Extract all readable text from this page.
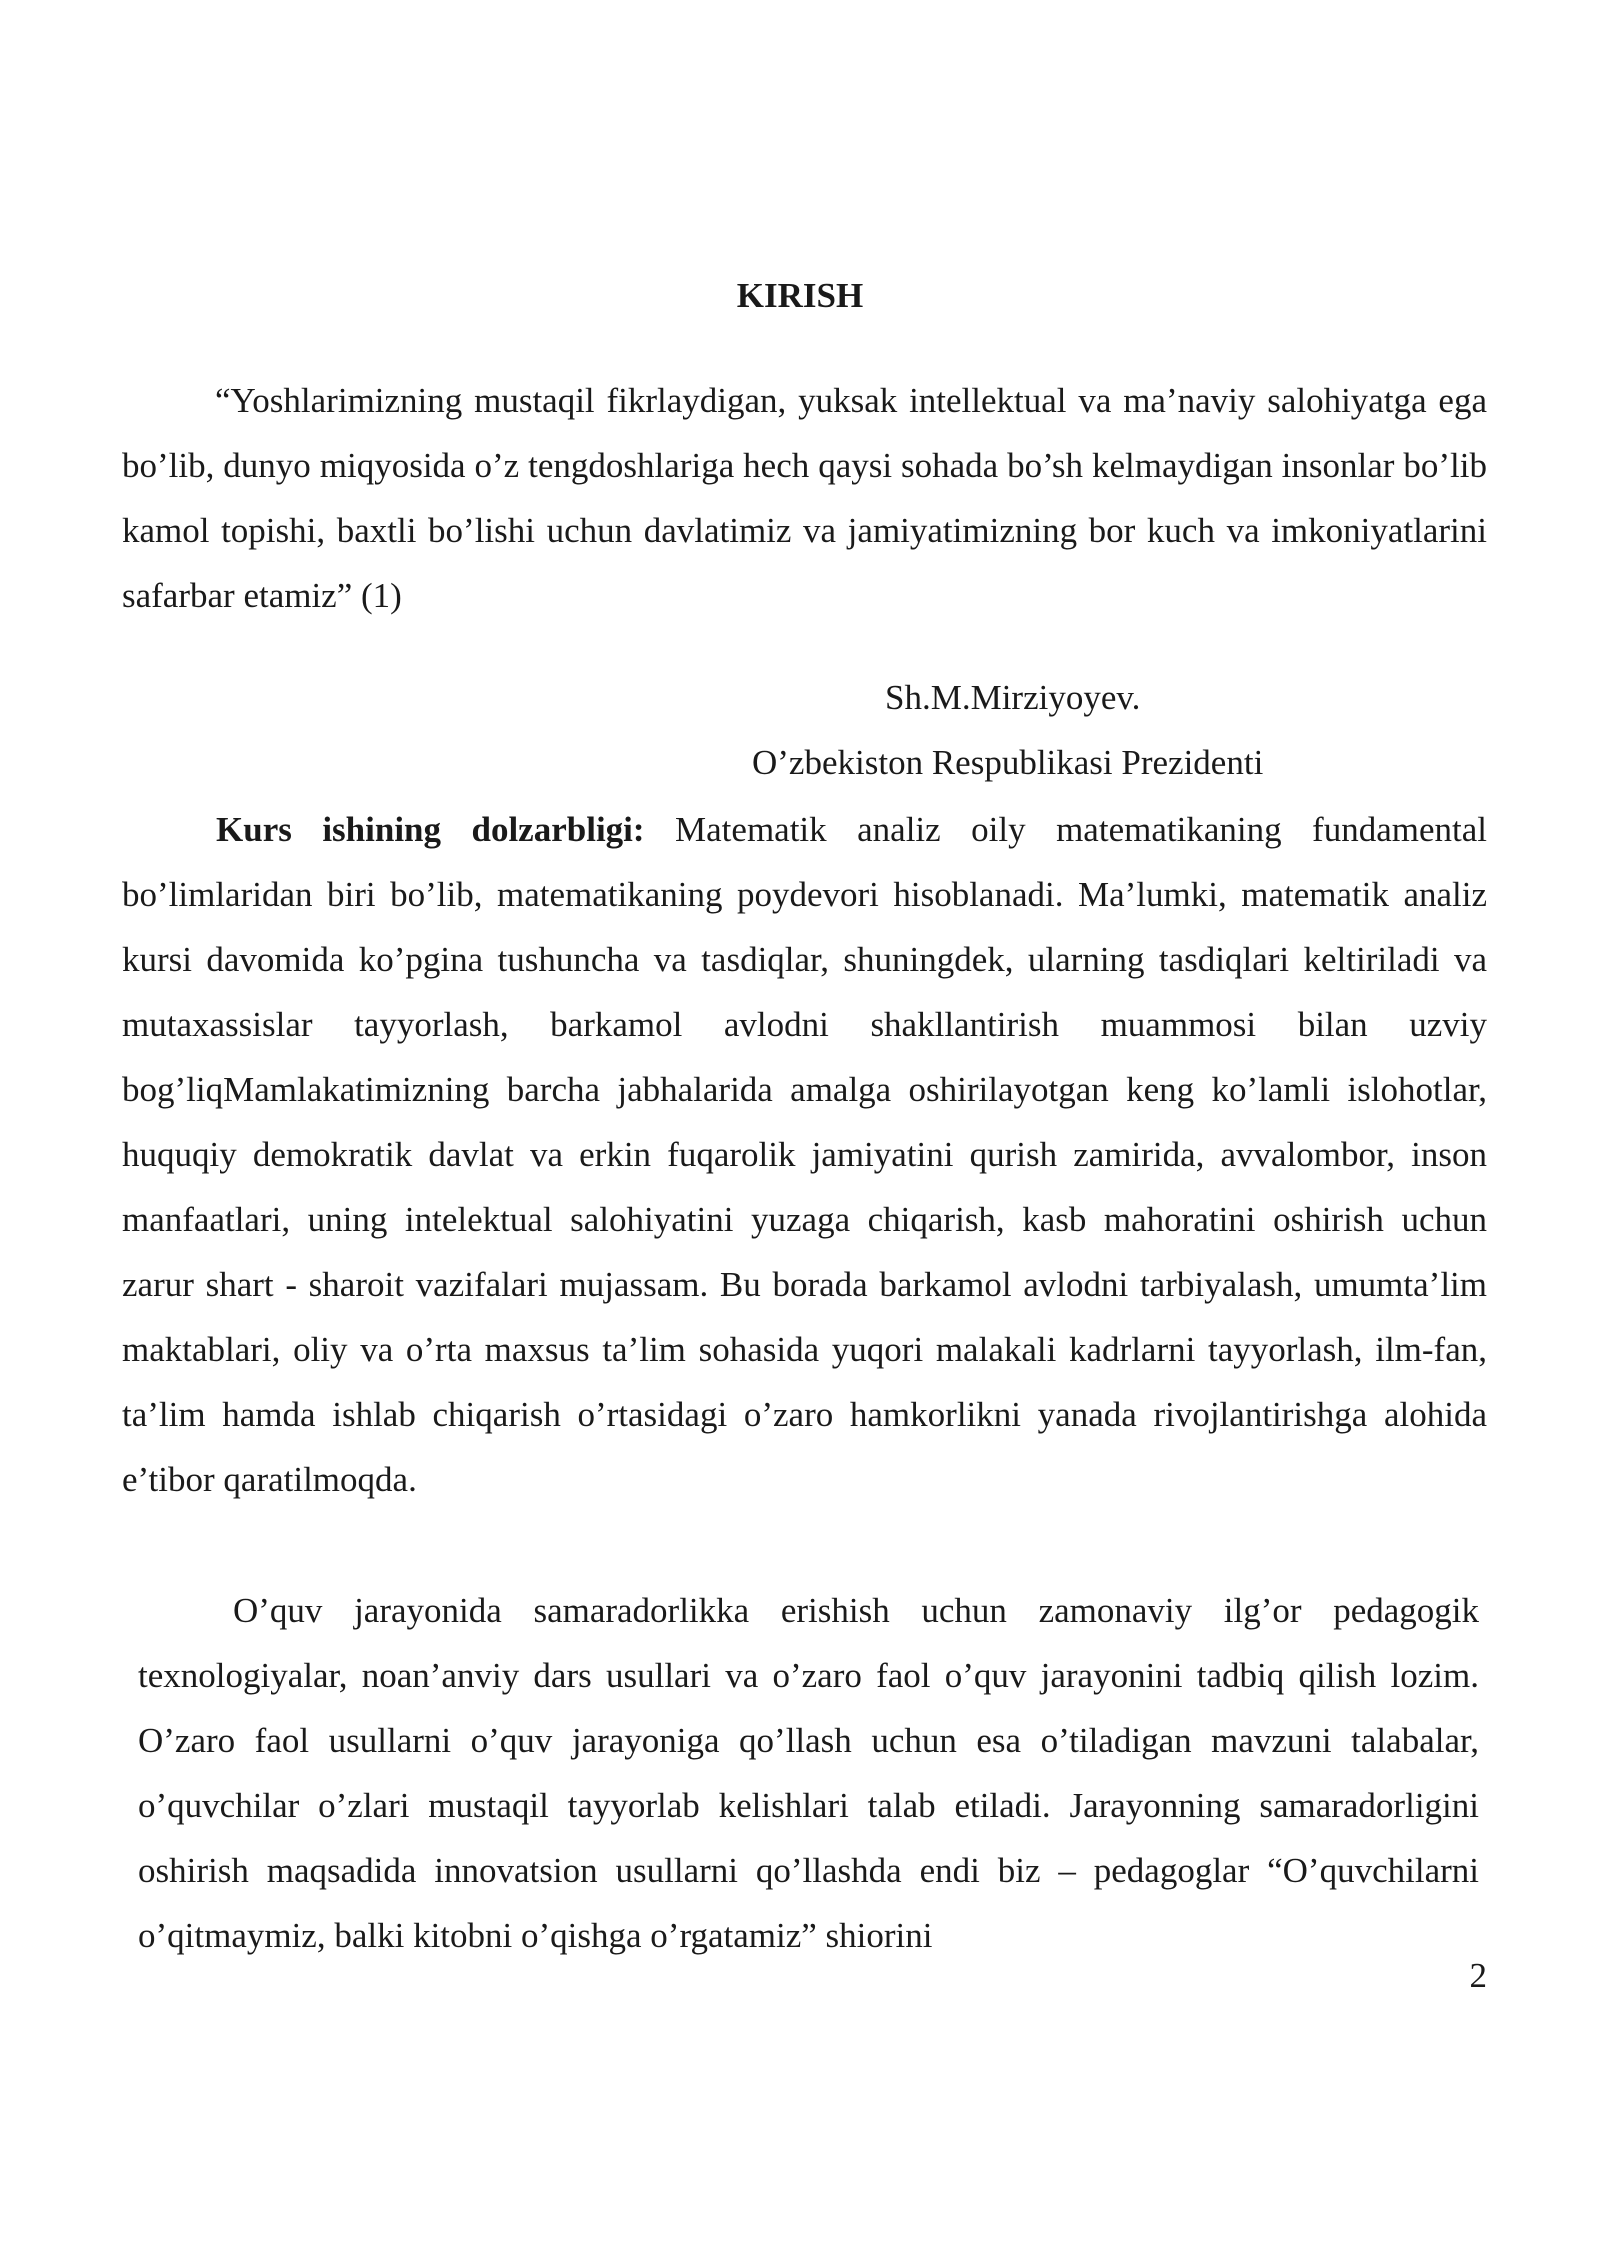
KIRISH

“Yoshlarimizning mustaqil fikrlaydigan, yuksak intellektual va ma’naviy salohiyatga ega bo’lib, dunyo miqyosida o’z tengdoshlariga hech qaysi sohada bo’sh kelmaydigan insonlar bo’lib kamol topishi, baxtli bo’lishi uchun davlatimiz va jamiyatimizning bor kuch va imkoniyatlarini safarbar etamiz” (1)

Sh.M.Mirziyoyev.

O’zbekiston Respublikasi Prezidenti

Kurs ishining dolzarbligi: Matematik analiz oily matematikaning fundamental bo’limlaridan biri bo’lib, matematikaning poydevori hisoblanadi. Ma’lumki, matematik analiz kursi davomida ko’pgina tushuncha va tasdiqlar, shuningdek, ularning tasdiqlari keltiriladi va mutaxassislar tayyorlash, barkamol avlodni shakllantirish muammosi bilan uzviy bog’liqMamlakatimizning barcha jabhalarida amalga oshirilayotgan keng ko’lamli islohotlar, huquqiy demokratik davlat va erkin fuqarolik jamiyatini qurish zamirida, avvalombor, inson manfaatlari, uning intelektual salohiyatini yuzaga chiqarish, kasb mahoratini oshirish uchun zarur shart - sharoit vazifalari mujassam. Bu borada barkamol avlodni tarbiyalash, umumta’lim maktablari, oliy va o’rta maxsus ta’lim sohasida yuqori malakali kadrlarni tayyorlash, ilm-fan, ta’lim hamda ishlab chiqarish o’rtasidagi o’zaro hamkorlikni yanada rivojlantirishga alohida e’tibor qaratilmoqda.

O’quv jarayonida samaradorlikka erishish uchun zamonaviy ilg’or pedagogik texnologiyalar, noan’anviy dars usullari va o’zaro faol o’quv jarayonini tadbiq qilish lozim. O’zaro faol usullarni o’quv jarayoniga qo’llash uchun esa o’tiladigan mavzuni talabalar, o’quvchilar o’zlari mustaqil tayyorlab kelishlari talab etiladi. Jarayonning samaradorligini oshirish maqsadida innovatsion usullarni qo’llashda endi biz – pedagoglar “O’quvchilarni o’qitmaymiz, balki kitobni o’qishga o’rgatamiz” shiorini

2
